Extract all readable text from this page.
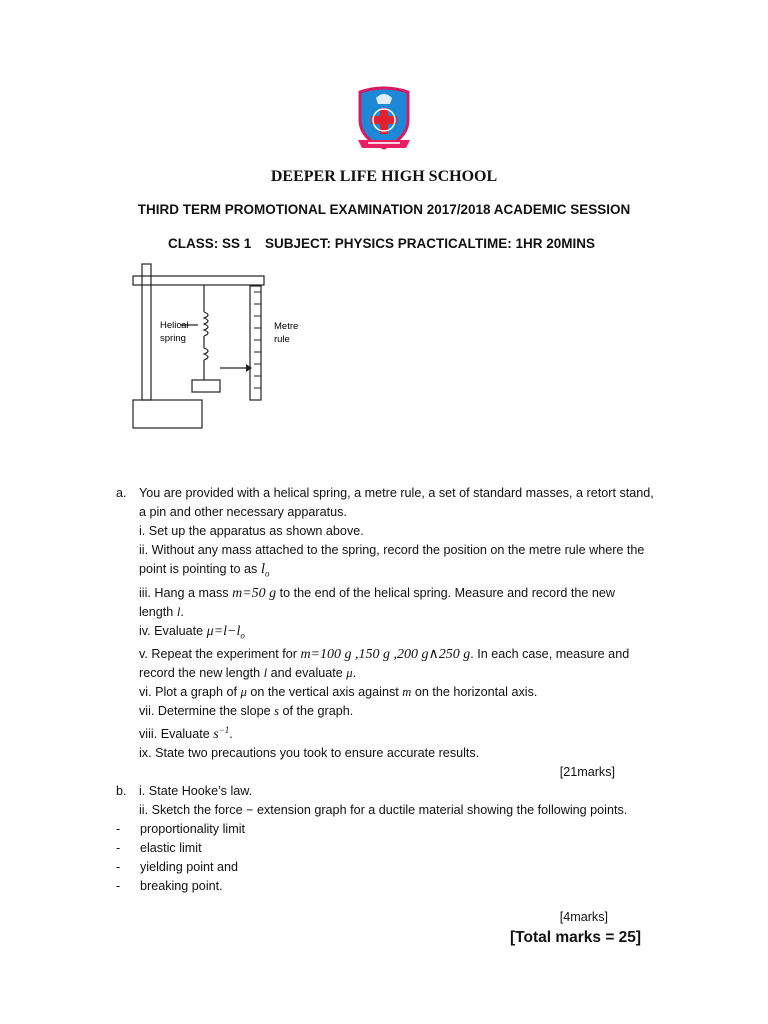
DEEPER LIFE HIGH SCHOOL
THIRD TERM PROMOTIONAL EXAMINATION 2017/2018 ACADEMIC SESSION
CLASS: SS 1 SUBJECT: PHYSICS PRACTICALTIME: 1HR 20MINS
Helical
spring
Metre
rule
a. You are provided with a helical spring, a metre rule, a set of standard masses, a retort stand,
a pin and other necessary apparatus.
i. Set up the apparatus as shown above.
ii. Without any mass attached to the spring, record the position on the metre rule where the
point is pointing to as $l_o$
iii. Hang a mass m=50 g to the end of the helical spring. Measure and record the new
length l.
iv. Evaluate $\mu=l-l_o$
v. Repeat the experiment for m=100 g ,150 g ,200 g∧250 g. In each case, measure and
record the new length l and evaluate μ.
vi. Plot a graph of μ on the vertical axis against m on the horizontal axis.
vii. Determine the slope s of the graph.
viii. Evaluate $s^{-1}$.
ix. State two precautions you took to ensure accurate results.
[21marks]
b. i. State Hooke’s law.
ii. Sketch the force − extension graph for a ductile material showing the following points.
- proportionality limit
- elastic limit
- yielding point and
- breaking point.
[4marks]
[Total marks = 25]
